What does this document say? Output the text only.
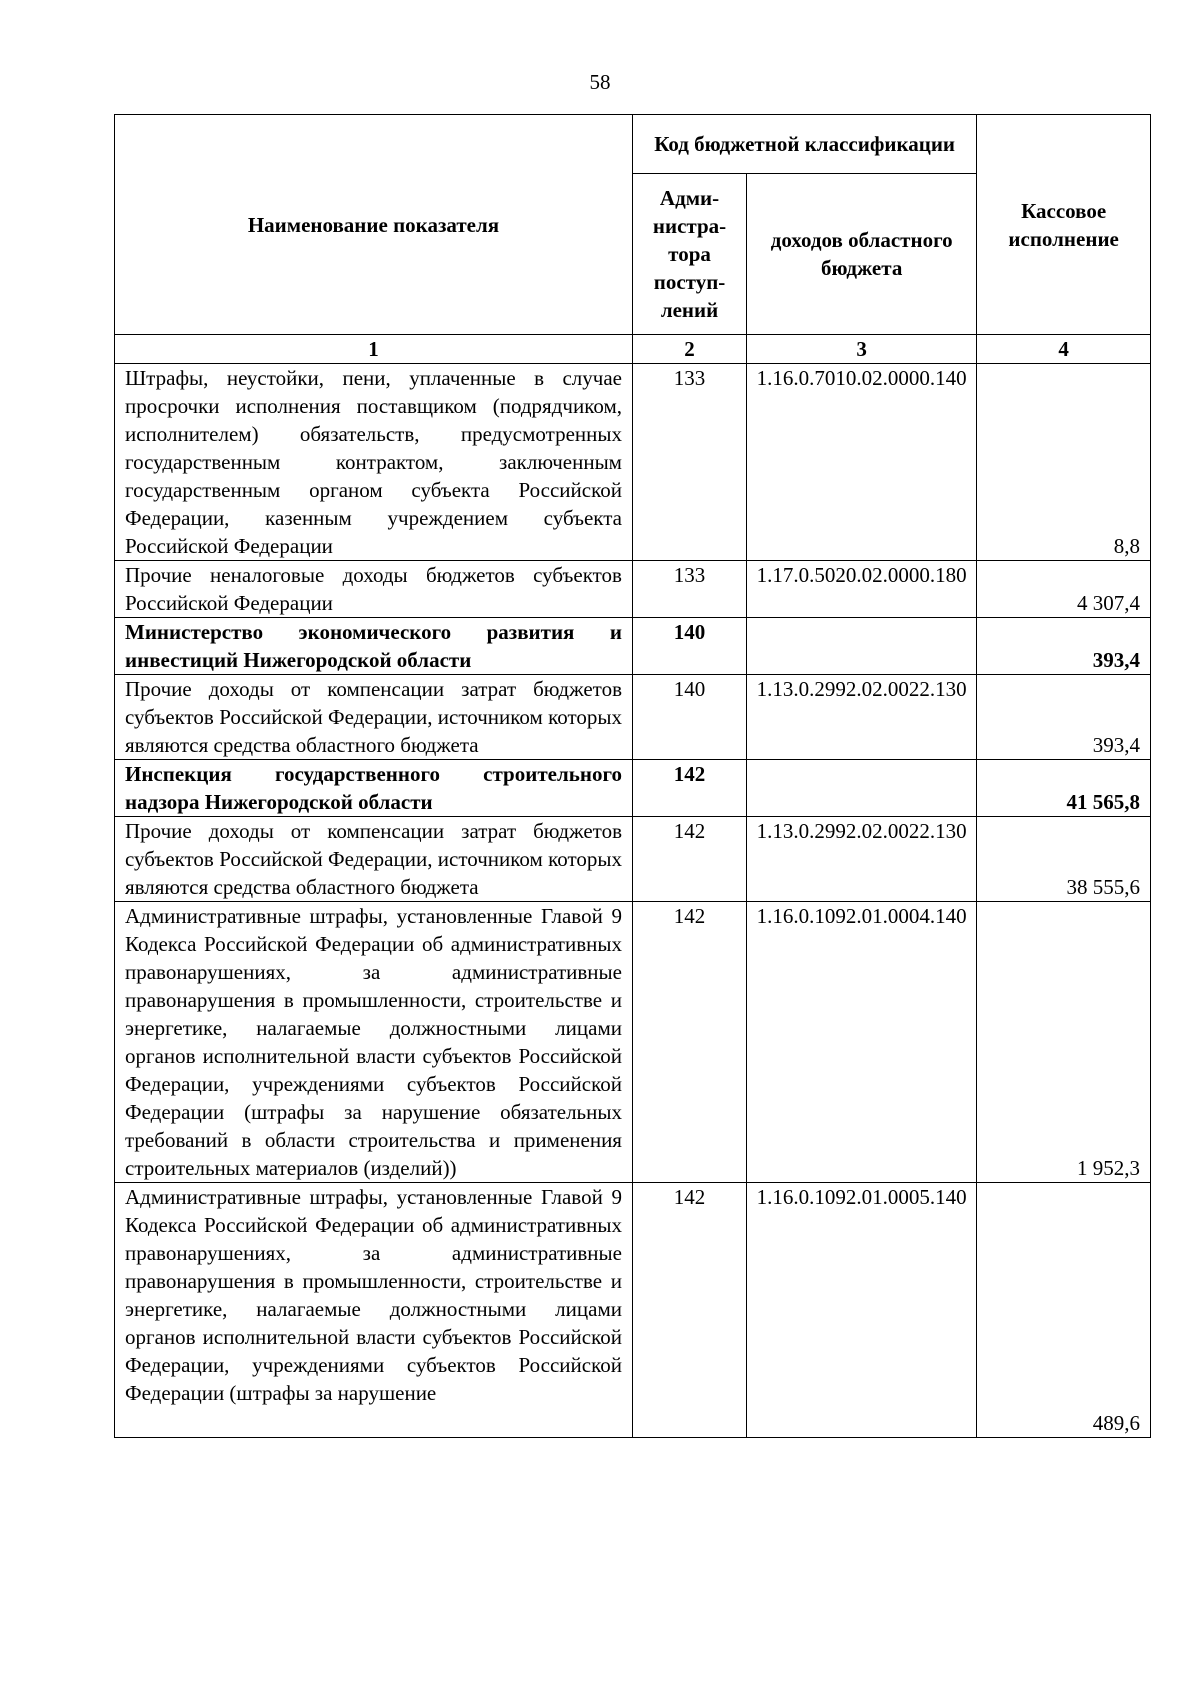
58
Наименование показателя	Код бюджетной классификации		Кассовое исполнение
	Адми-
нистра-
тора
поступ-
лений	доходов областного бюджета	
1	2	3	4
Штрафы, неустойки, пени, уплаченные в случае просрочки исполнения поставщиком (подрядчиком, исполнителем) обязательств, предусмотренных государственным контрактом, заключенным государственным органом субъекта Российской Федерации, казенным учреждением субъекта Российской Федерации	133	1.16.0.7010.02.0000.140	8,8
Прочие неналоговые доходы бюджетов субъектов Российской Федерации	133	1.17.0.5020.02.0000.180	4 307,4
Министерство экономического развития и инвестиций Нижегородской области	140		393,4
Прочие доходы от компенсации затрат бюджетов субъектов Российской Федерации, источником которых являются средства областного бюджета	140	1.13.0.2992.02.0022.130	393,4
Инспекция государственного строительного надзора Нижегородской области	142		41 565,8
Прочие доходы от компенсации затрат бюджетов субъектов Российской Федерации, источником которых являются средства областного бюджета	142	1.13.0.2992.02.0022.130	38 555,6
Административные штрафы, установленные Главой 9 Кодекса Российской Федерации об административных правонарушениях, за административные правонарушения в промышленности, строительстве и энергетике, налагаемые должностными лицами органов исполнительной власти субъектов Российской Федерации, учреждениями субъектов Российской Федерации (штрафы за нарушение обязательных требований в области строительства и применения строительных материалов (изделий))	142	1.16.0.1092.01.0004.140	1 952,3

Административные штрафы, установленные Главой 9 Кодекса Российской Федерации об административных правонарушениях, за административные правонарушения в промышленности, строительстве и энергетике, налагаемые должностными лицами органов исполнительной власти субъектов Российской Федерации, учреждениями субъектов Российской Федерации (штрафы за нарушение	142	1.16.0.1092.01.0005.140	489,6
